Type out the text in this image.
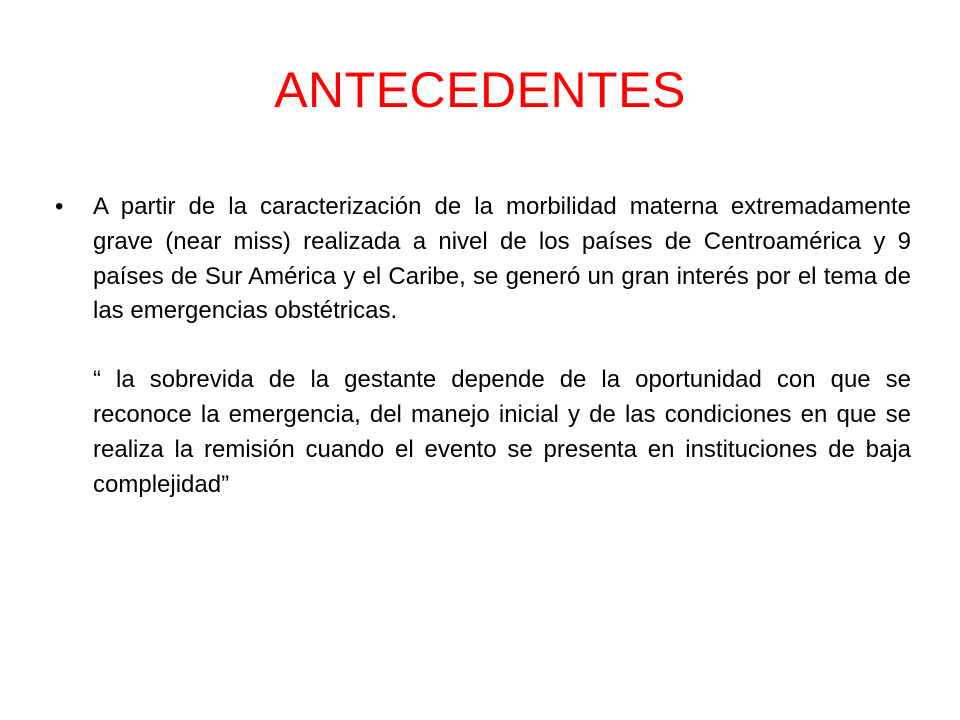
ANTECEDENTES
• A partir de la caracterización de la morbilidad materna extremadamente grave (near miss) realizada a nivel de los países de Centroamérica y 9 países de Sur América y el Caribe, se generó un gran interés por el tema de las emergencias obstétricas.
“ la sobrevida de la gestante depende de la oportunidad con que se reconoce la emergencia, del manejo inicial y de las condiciones en que se realiza la remisión cuando el evento se presenta en instituciones de baja complejidad”
